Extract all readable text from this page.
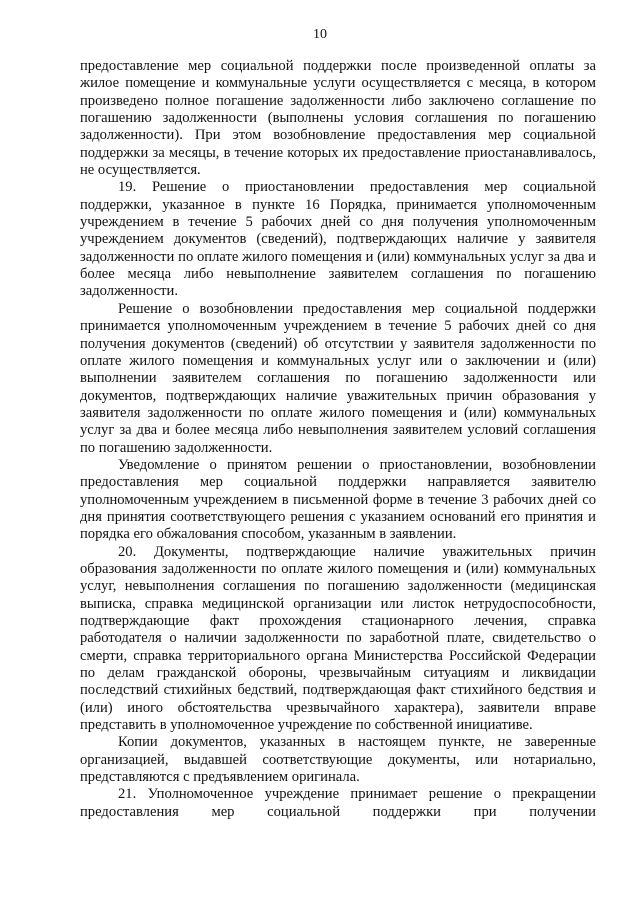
10

предоставление мер социальной поддержки после произведенной оплаты за жилое помещение и коммунальные услуги осуществляется с месяца, в котором произведено полное погашение задолженности либо заключено соглашение по погашению задолженности (выполнены условия соглашения по погашению задолженности). При этом возобновление предоставления мер социальной поддержки за месяцы, в течение которых их предоставление приостанавливалось, не осуществляется.

19. Решение о приостановлении предоставления мер социальной поддержки, указанное в пункте 16 Порядка, принимается уполномоченным учреждением в течение 5 рабочих дней со дня получения уполномоченным учреждением документов (сведений), подтверждающих наличие у заявителя задолженности по оплате жилого помещения и (или) коммунальных услуг за два и более месяца либо невыполнение заявителем соглашения по погашению задолженности.

Решение о возобновлении предоставления мер социальной поддержки принимается уполномоченным учреждением в течение 5 рабочих дней со дня получения документов (сведений) об отсутствии у заявителя задолженности по оплате жилого помещения и коммунальных услуг или о заключении и (или) выполнении заявителем соглашения по погашению задолженности или документов, подтверждающих наличие уважительных причин образования у заявителя задолженности по оплате жилого помещения и (или) коммунальных услуг за два и более месяца либо невыполнения заявителем условий соглашения по погашению задолженности.

Уведомление о принятом решении о приостановлении, возобновлении предоставления мер социальной поддержки направляется заявителю уполномоченным учреждением в письменной форме в течение 3 рабочих дней со дня принятия соответствующего решения с указанием оснований его принятия и порядка его обжалования способом, указанным в заявлении.

20. Документы, подтверждающие наличие уважительных причин образования задолженности по оплате жилого помещения и (или) коммунальных услуг, невыполнения соглашения по погашению задолженности (медицинская выписка, справка медицинской организации или листок нетрудоспособности, подтверждающие факт прохождения стационарного лечения, справка работодателя о наличии задолженности по заработной плате, свидетельство о смерти, справка территориального органа Министерства Российской Федерации по делам гражданской обороны, чрезвычайным ситуациям и ликвидации последствий стихийных бедствий, подтверждающая факт стихийного бедствия и (или) иного обстоятельства чрезвычайного характера), заявители вправе представить в уполномоченное учреждение по собственной инициативе.

Копии документов, указанных в настоящем пункте, не заверенные организацией, выдавшей соответствующие документы, или нотариально, представляются с предъявлением оригинала.

21. Уполномоченное учреждение принимает решение о прекращении предоставления мер социальной поддержки при получении
